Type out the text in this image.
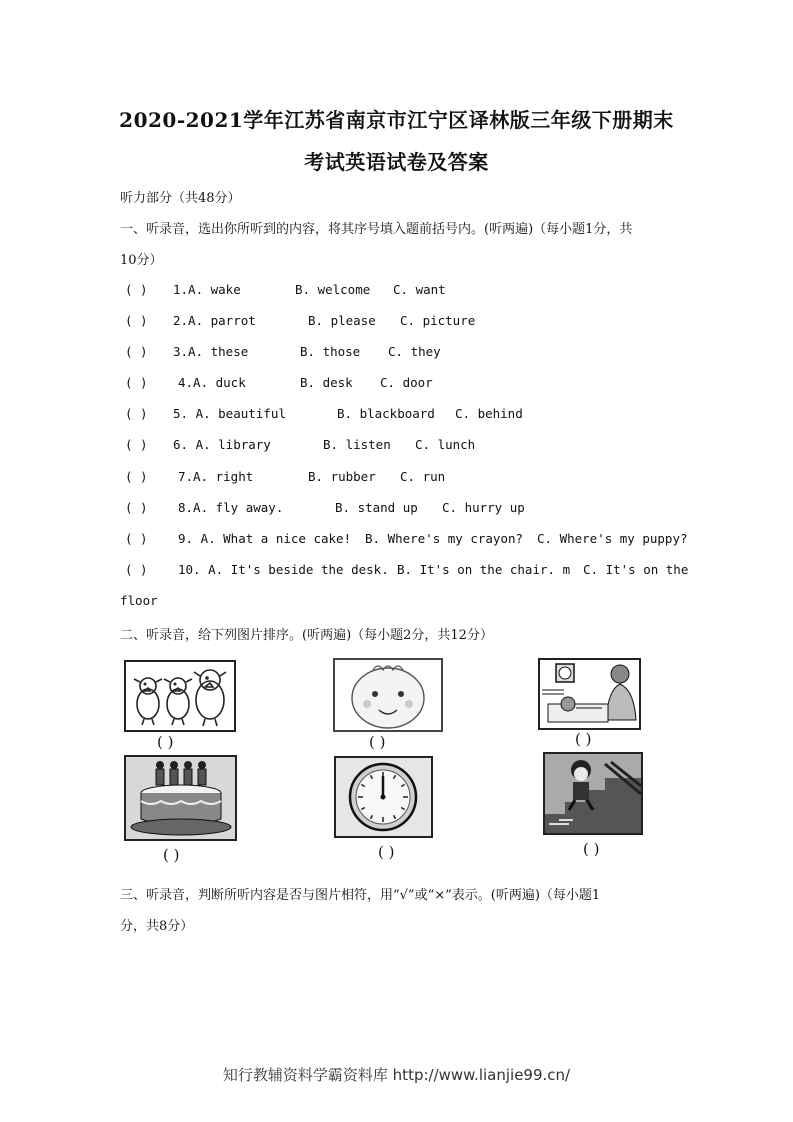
2020-2021学年江苏省南京市江宁区译林版三年级下册期末
考试英语试卷及答案
听力部分（共48分）
一、听录音，选出你所听到的内容，将其序号填入题前括号内。(听两遍)（每小题1分，共
10分）
( ) 1.A. wake	B. welcome C. want
( ) 2.A. parrot	B. please C. picture
( ) 3.A. these	B. those C. they
( ) 4.A. duck	B. desk C. door
( ) 5. A. beautiful	B. blackboard C. behind
( ) 6. A. library	B. listen C. lunch
( ) 7.A. right	B. rubber C. run
( ) 8.A. fly away.	B. stand up C. hurry up
( ) 9. A. What a nice cake! B. Where's my crayon? C. Where's my puppy?
( ) 10. A. It's beside the desk. B. It's on the chair. m C. It's on the
floor
二、听录音，给下列图片排序。(听两遍)（每小题2分，共12分）
( )	( )	( )
( )	( )	( )
三、听录音，判断所听内容是否与图片相符，用“√”或“×”表示。(听两遍)（每小题1
分，共8分）
知行教辅资料学霸资料库 http://www.lianjie99.cn/
